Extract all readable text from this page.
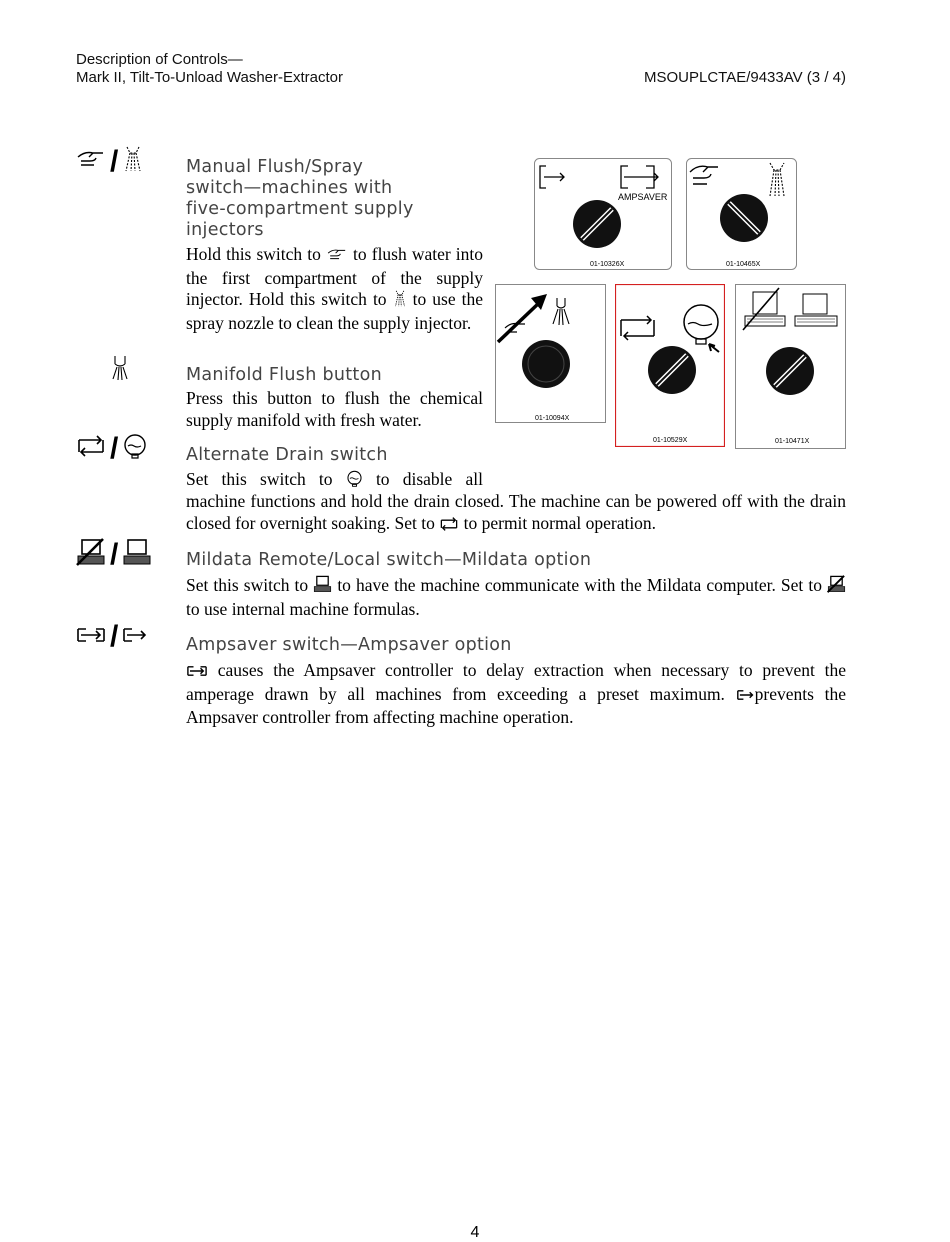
Description of Controls—
Mark II, Tilt-To-Unload Washer-Extractor	MSOUPLCTAE/9433AV (3 / 4)
/	Manual Flush/Spray
switch—machines with
five-compartment supply
injectors
Hold this switch to to flush water into the first compartment of the supply injector. Hold this switch to to use the spray nozzle to clean the supply injector.
Manifold Flush button
Press this button to flush the chemical supply manifold with fresh water.
/	Alternate Drain switch
Set this switch to to disable all
machine functions and hold the drain closed. The machine can be powered off with the drain closed for overnight soaking. Set to to permit normal operation.
/	Mildata Remote/Local switch—Mildata option
Set this switch to to have the machine communicate with the Mildata computer. Set to  to use internal machine formulas.
/	Ampsaver switch—Ampsaver option
causes the Ampsaver controller to delay extraction when necessary to prevent the amperage drawn by all machines from exceeding a preset maximum. prevents the Ampsaver controller from affecting machine operation.
AMPSAVER
01-10326X	01-10465X
01-10094X
01-10529X	01-10471X
4
